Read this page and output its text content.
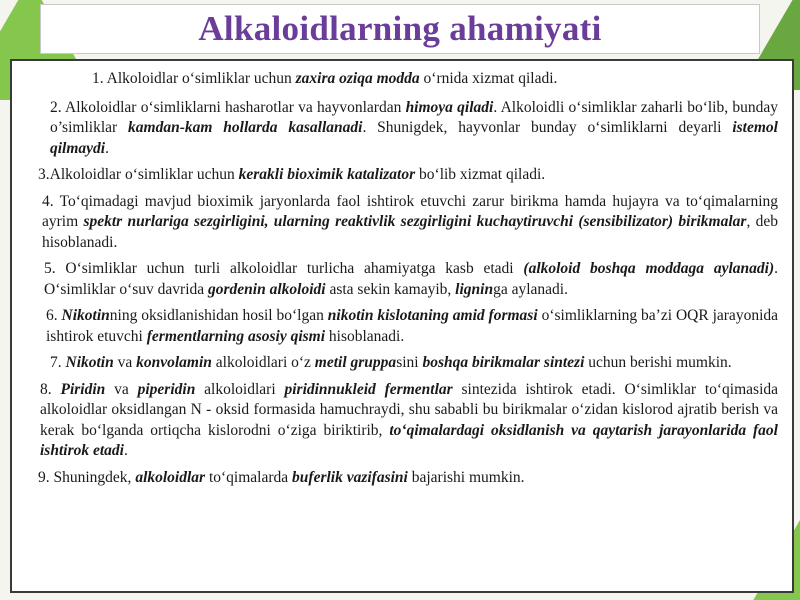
Alkaloidlarning ahamiyati

1. Alkoloidlar o‘simliklar uchun zaxira oziqa modda o‘rnida xizmat qiladi.

2. Alkoloidlar o‘simliklarni hasharotlar va hayvonlardan himoya qiladi. Alkoloidli o‘simliklar zaharli bo‘lib, bunday o’simliklar kamdan-kam hollarda kasallanadi. Shunigdek, hayvonlar bunday o‘simliklarni deyarli istemol qilmaydi.

3.Alkoloidlar o‘simliklar uchun kerakli bioximik katalizator bo‘lib xizmat qiladi.

4. To‘qimadagi mavjud bioximik jaryonlarda faol ishtirok etuvchi zarur birikma hamda hujayra va to‘qimalarning ayrim spektr nurlariga sezgirligini, ularning reaktivlik sezgirligini kuchaytiruvchi (sensibilizator) birikmalar, deb hisoblanadi.

5. O‘simliklar uchun turli alkoloidlar turlicha ahamiyatga kasb etadi (alkoloid boshqa moddaga aylanadi). O‘simliklar o‘suv davrida gordenin alkoloidi asta sekin kamayib, ligninga aylanadi.

6. Nikotinning oksidlanishidan hosil bo‘lgan nikotin kislotaning amid formasi o‘simliklarning ba’zi OQR jarayonida ishtirok etuvchi fermentlarning asosiy qismi hisoblanadi.

7. Nikotin va konvolamin alkoloidlari o‘z metil gruppasini boshqa birikmalar sintezi uchun berishi mumkin.

8. Piridin va piperidin alkoloidlari piridinnukleid fermentlar sintezida ishtirok etadi. O‘simliklar to‘qimasida alkoloidlar oksidlangan N - oksid formasida hamuchraydi, shu sababli bu birikmalar o‘zidan kislorod ajratib berish va kerak bo‘lganda ortiqcha kislorodni o‘ziga biriktirib, to‘qimalardagi oksidlanish va qaytarish jarayonlarida faol ishtirok etadi.

9. Shuningdek, alkoloidlar to‘qimalarda buferlik vazifasini bajarishi mumkin.
